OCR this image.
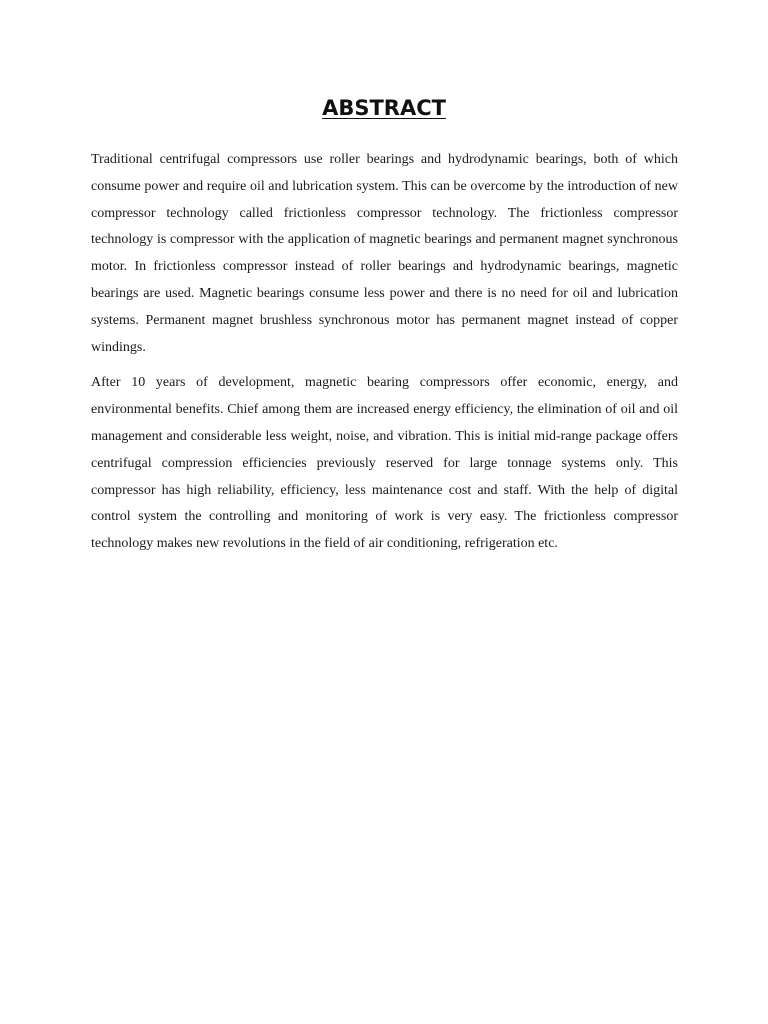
ABSTRACT

Traditional centrifugal compressors use roller bearings and hydrodynamic bearings, both of which consume power and require oil and lubrication system. This can be overcome by the introduction of new compressor technology called frictionless compressor technology. The frictionless compressor technology is compressor with the application of magnetic bearings and permanent magnet synchronous motor. In frictionless compressor instead of roller bearings and hydrodynamic bearings, magnetic bearings are used. Magnetic bearings consume less power and there is no need for oil and lubrication systems. Permanent magnet brushless synchronous motor has permanent magnet instead of copper windings.

After 10 years of development, magnetic bearing compressors offer economic, energy, and environmental benefits. Chief among them are increased energy efficiency, the elimination of oil and oil management and considerable less weight, noise, and vibration. This is initial mid-range package offers centrifugal compression efficiencies previously reserved for large tonnage systems only. This compressor has high reliability, efficiency, less maintenance cost and staff. With the help of digital control system the controlling and monitoring of work is very easy. The frictionless compressor technology makes new revolutions in the field of air conditioning, refrigeration etc.
